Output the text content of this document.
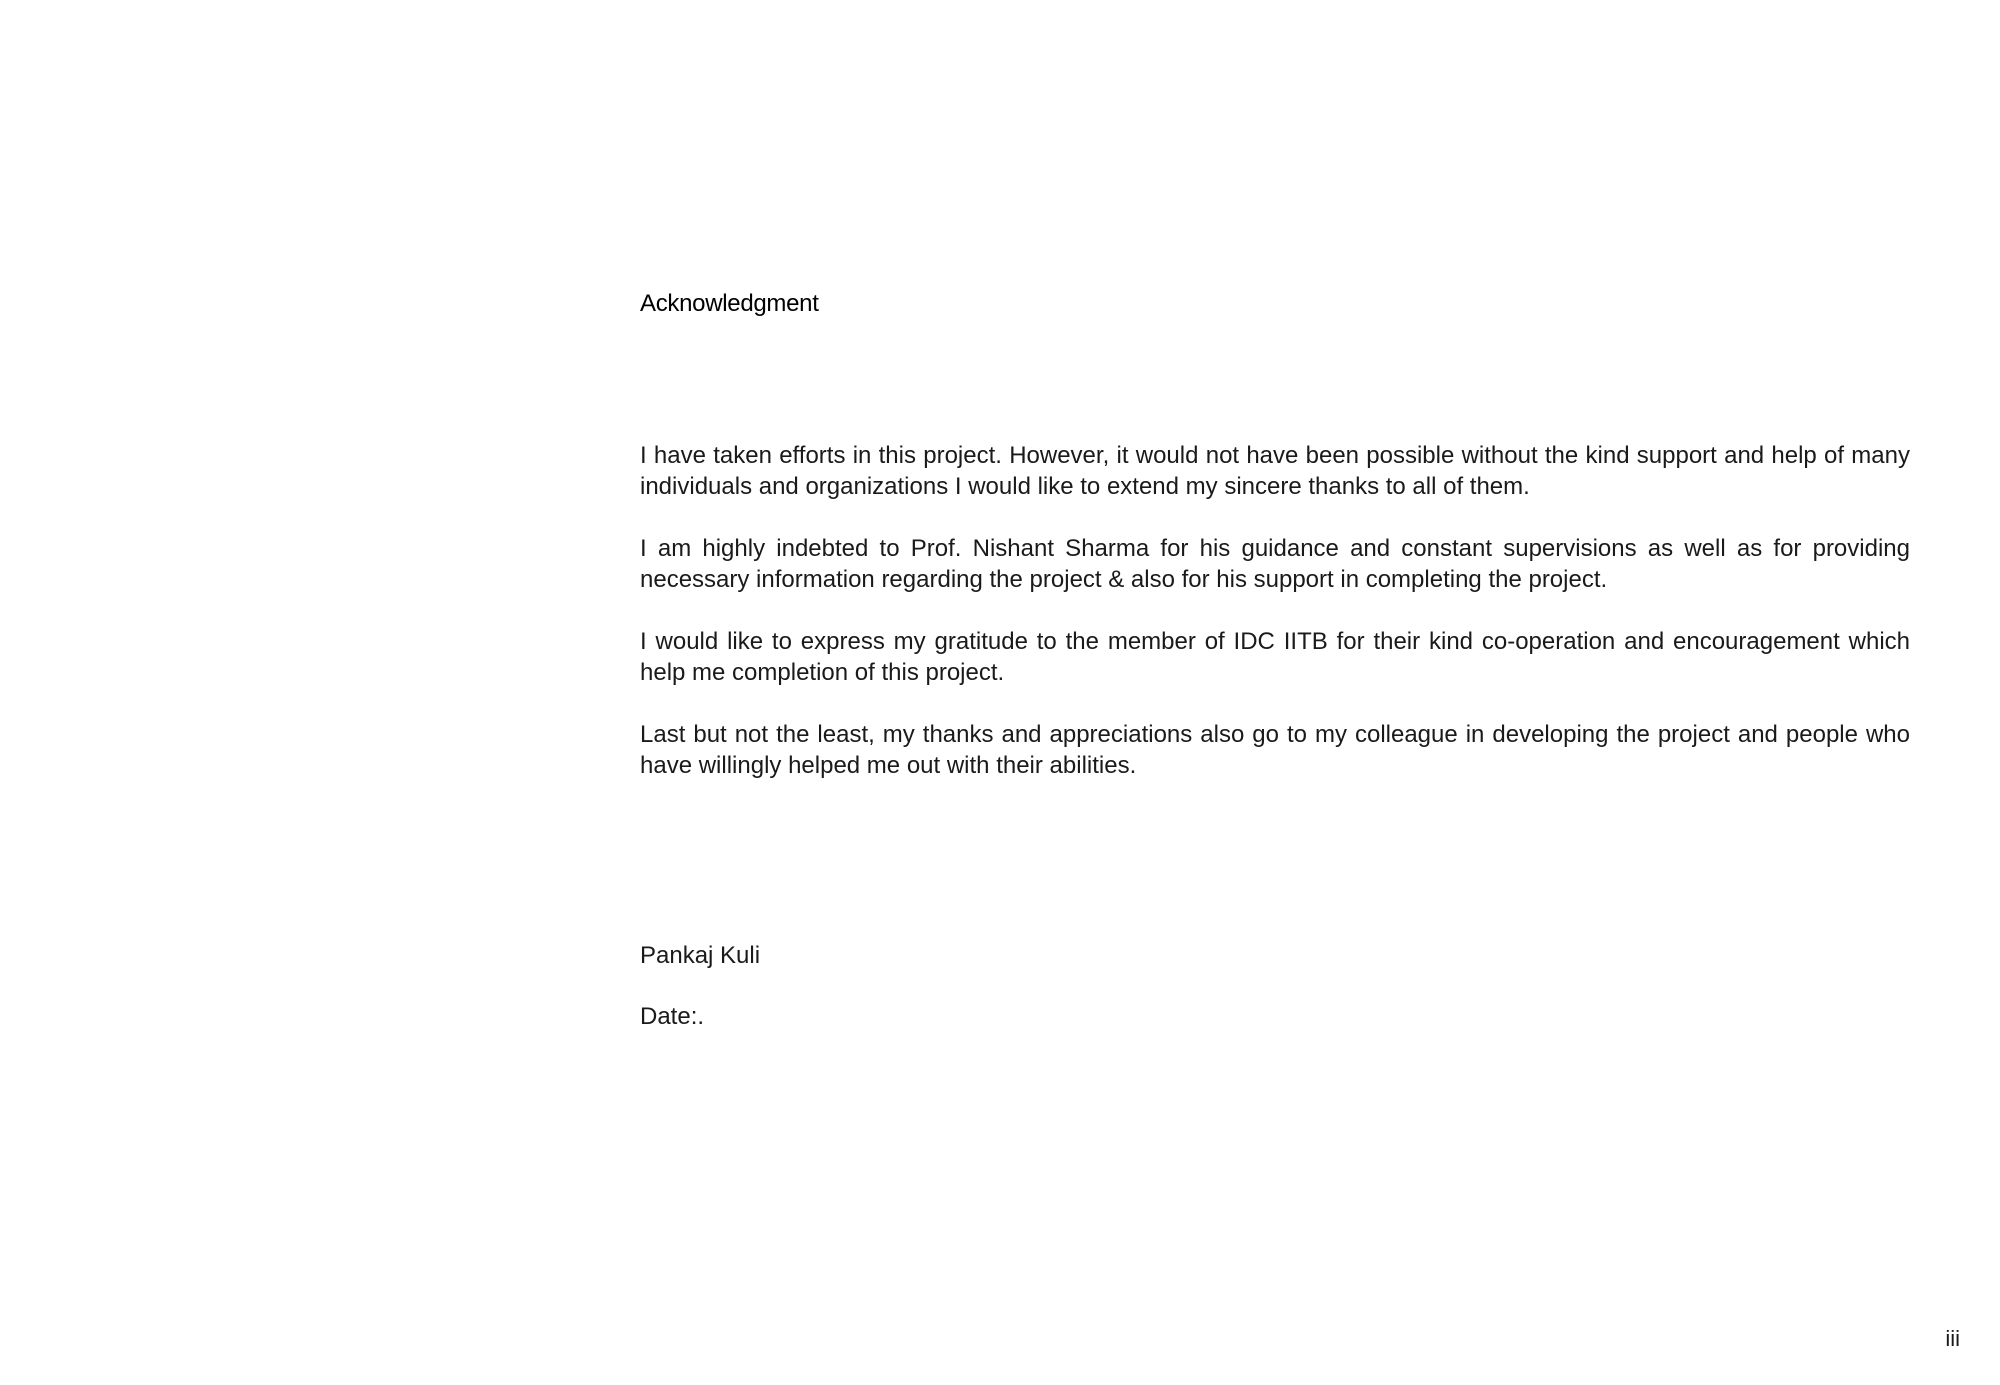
Acknowledgment

I have taken efforts in this project. However, it would not have been possible without the kind support and help of many individuals and organizations I would like to extend my sincere thanks to all of them.

I am highly indebted to Prof. Nishant Sharma for his guidance and constant supervisions as well as for providing necessary information regarding the project & also for his support in completing the project.

I would like to express my gratitude to the member of IDC IITB for their kind co-operation and encouragement which help me completion of this project.

Last but not the least, my thanks and appreciations also go to my colleague in developing the project and people who have willingly helped me out with their abilities.

Pankaj Kuli
Date:.
iii
